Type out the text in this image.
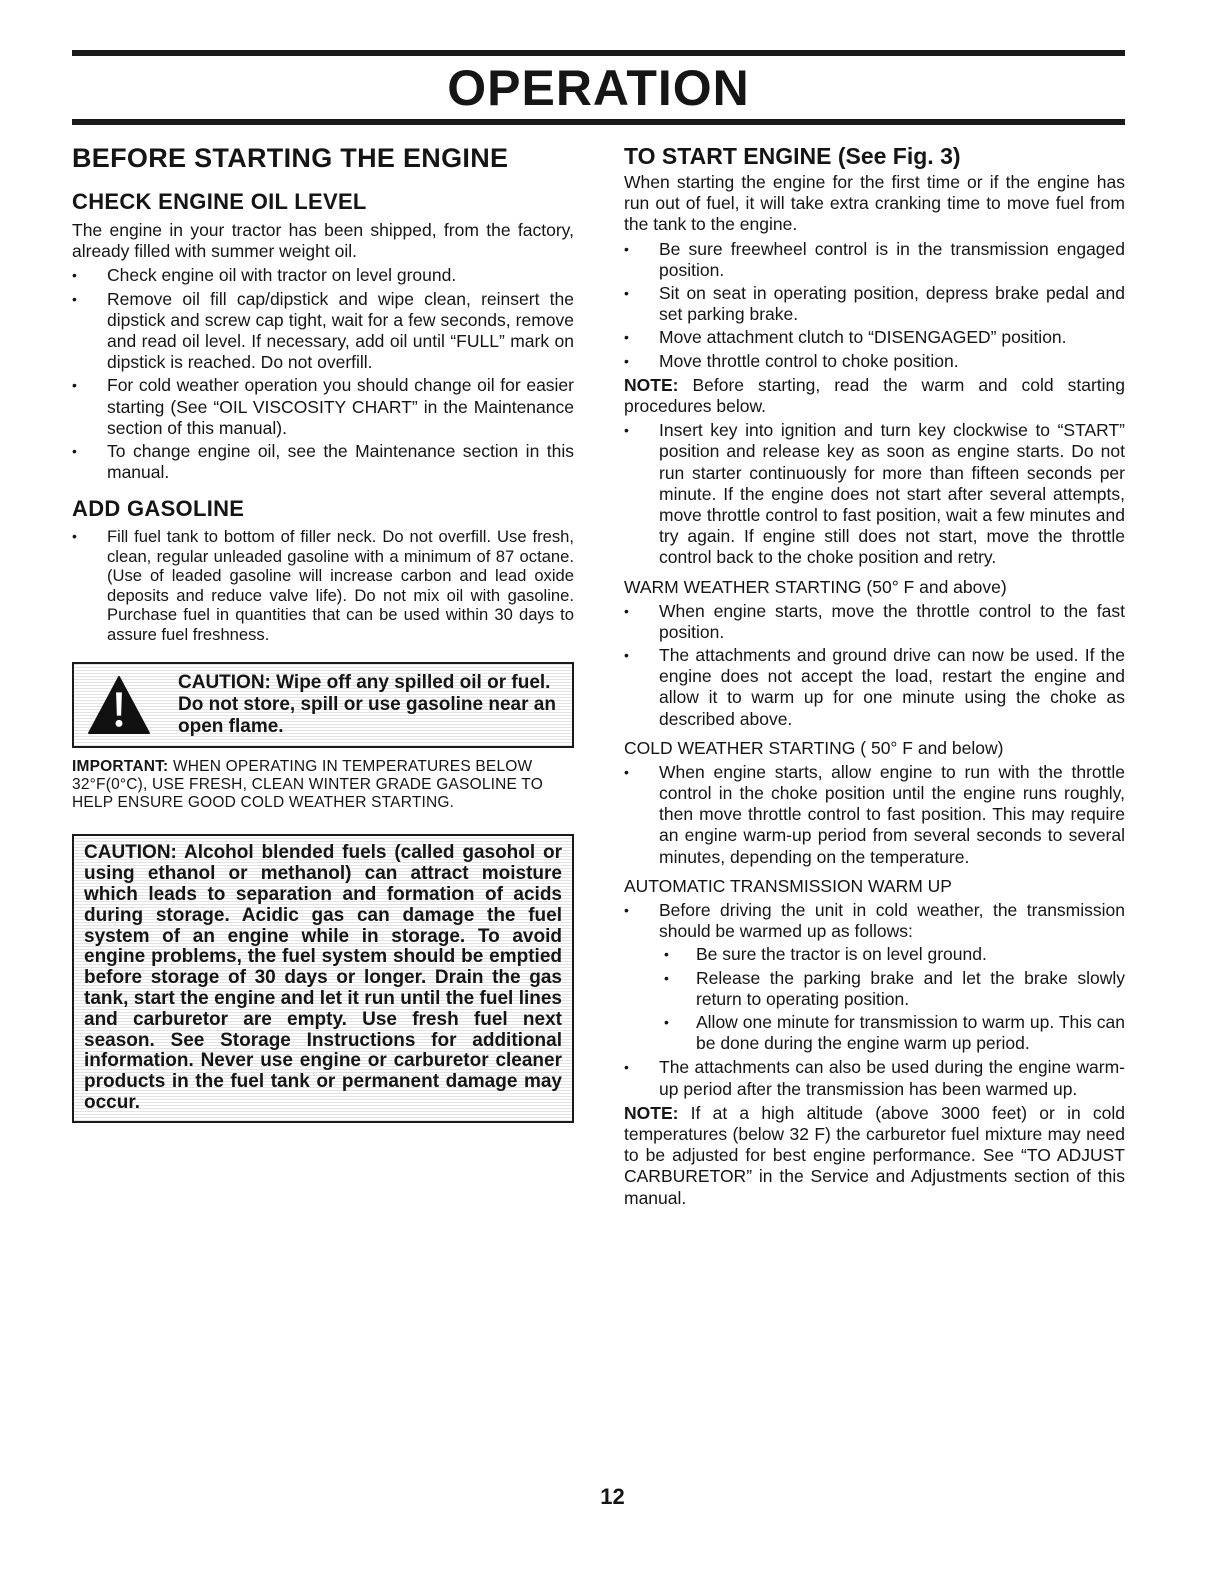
OPERATION
BEFORE STARTING THE ENGINE
CHECK ENGINE OIL LEVEL

The engine in your tractor has been shipped, from the factory, already filled with summer weight oil.

• Check engine oil with tractor on level ground.
• Remove oil fill cap/dipstick and wipe clean, reinsert the dipstick and screw cap tight, wait for a few seconds, remove and read oil level. If necessary, add oil until “FULL” mark on dipstick is reached. Do not overfill.
• For cold weather operation you should change oil for easier starting (See “OIL VISCOSITY CHART” in the Maintenance section of this manual).
• To change engine oil, see the Maintenance section in this manual.
ADD GASOLINE
• Fill fuel tank to bottom of filler neck. Do not overfill. Use fresh, clean, regular unleaded gasoline with a minimum of 87 octane. (Use of leaded gasoline will increase carbon and lead oxide deposits and reduce valve life). Do not mix oil with gasoline. Purchase fuel in quantities that can be used within 30 days to assure fuel freshness.
CAUTION: Wipe off any spilled oil or fuel. Do not store, spill or use gasoline near an open flame.

IMPORTANT: WHEN OPERATING IN TEMPERATURES BELOW 32°F(0°C), USE FRESH, CLEAN WINTER GRADE GASOLINE TO HELP ENSURE GOOD COLD WEATHER STARTING.

CAUTION: Alcohol blended fuels (called gasohol or using ethanol or methanol) can attract moisture which leads to separation and formation of acids during storage. Acidic gas can damage the fuel system of an engine while in storage. To avoid engine problems, the fuel system should be emptied before storage of 30 days or longer. Drain the gas tank, start the engine and let it run until the fuel lines and carburetor are empty. Use fresh fuel next season. See Storage Instructions for additional information. Never use engine or carburetor cleaner products in the fuel tank or permanent damage may occur.
TO START ENGINE (See Fig. 3)

When starting the engine for the first time or if the engine has run out of fuel, it will take extra cranking time to move fuel from the tank to the engine.

• Be sure freewheel control is in the transmission engaged position.
• Sit on seat in operating position, depress brake pedal and set parking brake.
• Move attachment clutch to “DISENGAGED” position.
• Move throttle control to choke position.

NOTE: Before starting, read the warm and cold starting procedures below.

• Insert key into ignition and turn key clockwise to “START” position and release key as soon as engine starts. Do not run starter continuously for more than fifteen seconds per minute. If the engine does not start after several attempts, move throttle control to fast position, wait a few minutes and try again. If engine still does not start, move the throttle control back to the choke position and retry.

WARM WEATHER STARTING (50° F and above)

• When engine starts, move the throttle control to the fast position.
• The attachments and ground drive can now be used. If the engine does not accept the load, restart the engine and allow it to warm up for one minute using the choke as described above.

COLD WEATHER STARTING ( 50° F and below)

• When engine starts, allow engine to run with the throttle control in the choke position until the engine runs roughly, then move throttle control to fast position. This may require an engine warm-up period from several seconds to several minutes, depending on the temperature.

AUTOMATIC TRANSMISSION WARM UP

• Before driving the unit in cold weather, the transmission should be warmed up as follows:
• Be sure the tractor is on level ground.
• Release the parking brake and let the brake slowly return to operating position.
• Allow one minute for transmission to warm up. This can be done during the engine warm up period.
• The attachments can also be used during the engine warm-up period after the transmission has been warmed up.

NOTE: If at a high altitude (above 3000 feet) or in cold temperatures (below 32 F) the carburetor fuel mixture may need to be adjusted for best engine performance. See “TO ADJUST CARBURETOR” in the Service and Adjustments section of this manual.

12
